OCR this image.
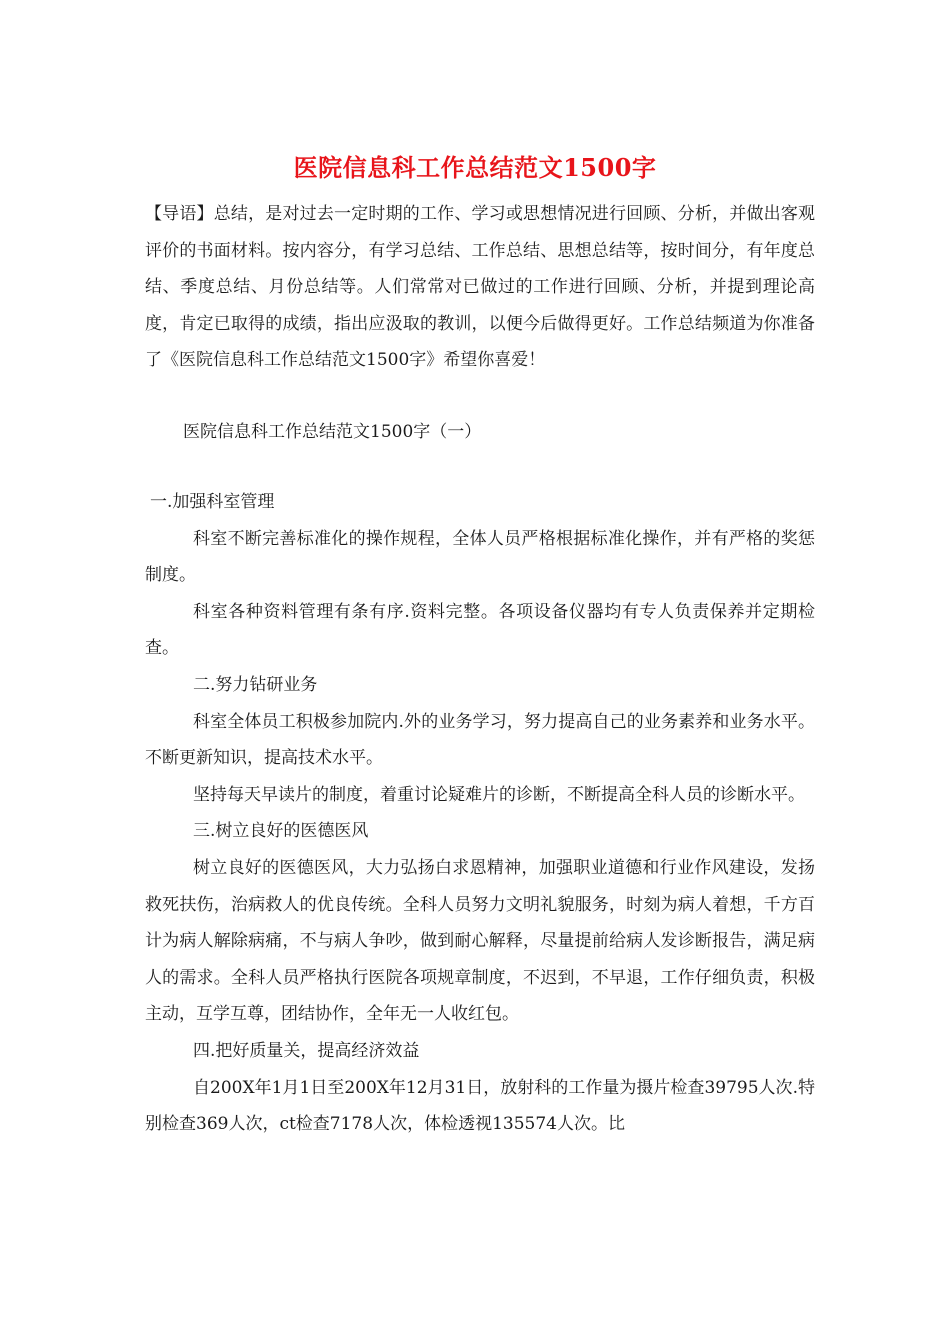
医院信息科工作总结范文1500字

【导语】总结，是对过去一定时期的工作、学习或思想情况进行回顾、分析，并做出客观评价的书面材料。按内容分，有学习总结、工作总结、思想总结等，按时间分，有年度总结、季度总结、月份总结等。人们常常对已做过的工作进行回顾、分析，并提到理论高度，肯定已取得的成绩，指出应汲取的教训，以便今后做得更好。工作总结频道为你准备了《医院信息科工作总结范文1500字》希望你喜爱！

医院信息科工作总结范文1500字（一）

一.加强科室管理

科室不断完善标准化的操作规程，全体人员严格根据标准化操作，并有严格的奖惩制度。

科室各种资料管理有条有序.资料完整。各项设备仪器均有专人负责保养并定期检查。

二.努力钻研业务

科室全体员工积极参加院内.外的业务学习，努力提高自己的业务素养和业务水平。不断更新知识，提高技术水平。

坚持每天早读片的制度，着重讨论疑难片的诊断，不断提高全科人员的诊断水平。

三.树立良好的医德医风

树立良好的医德医风，大力弘扬白求恩精神，加强职业道德和行业作风建设，发扬救死扶伤，治病救人的优良传统。全科人员努力文明礼貌服务，时刻为病人着想，千方百计为病人解除病痛，不与病人争吵，做到耐心解释，尽量提前给病人发诊断报告，满足病人的需求。全科人员严格执行医院各项规章制度，不迟到，不早退，工作仔细负责，积极主动，互学互尊，团结协作，全年无一人收红包。

四.把好质量关，提高经济效益

自200X年1月1日至200X年12月31日，放射科的工作量为摄片检查39795人次.特别检查369人次，ct检查7178人次，体检透视135574人次。比
